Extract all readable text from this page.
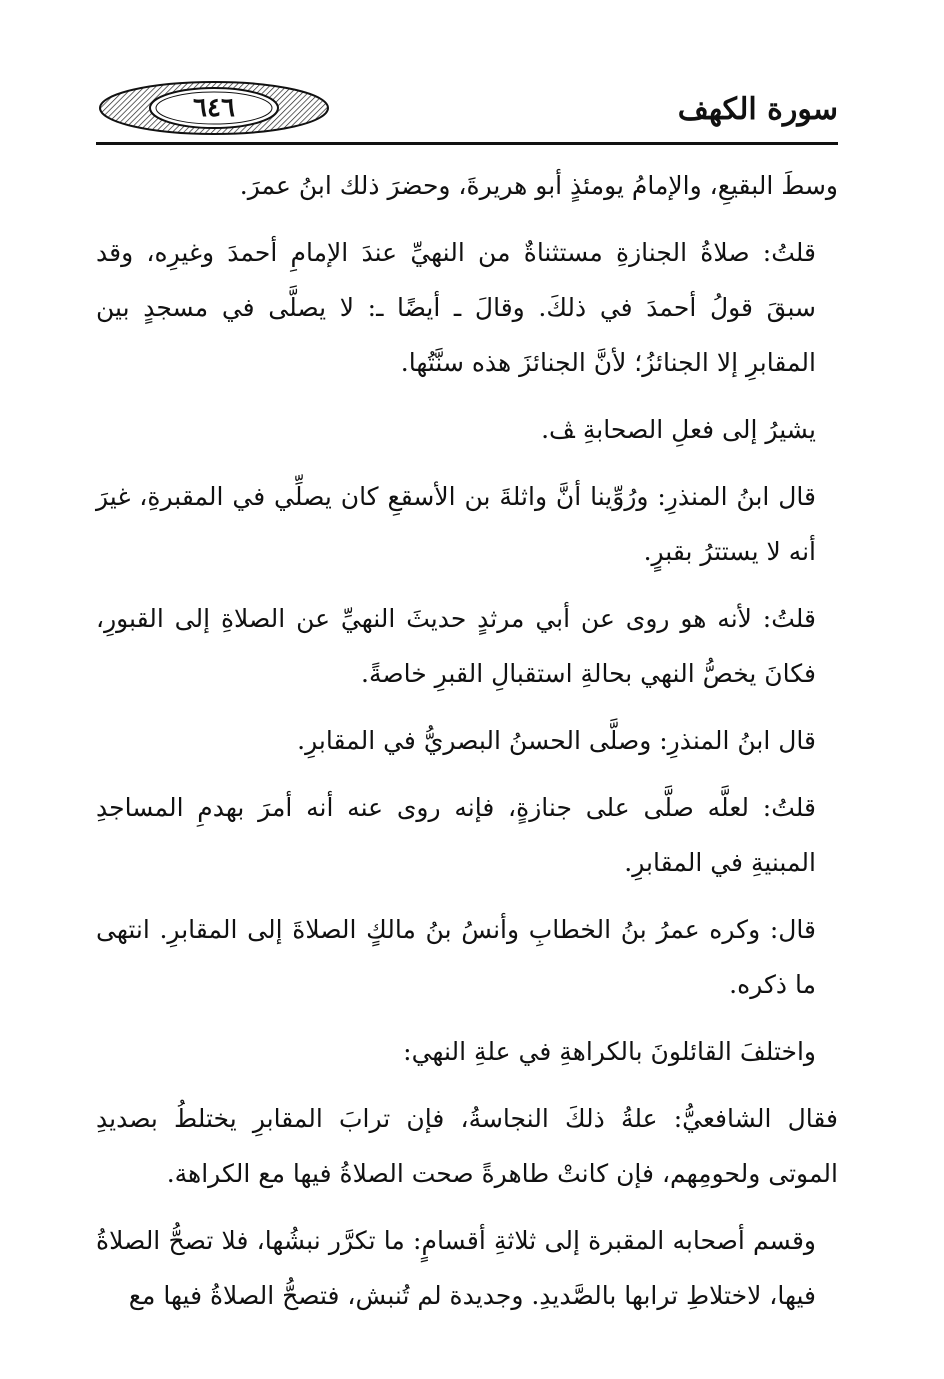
٦٤٦	سورة الكهف

وسطَ البقيعِ، والإمامُ يومئذٍ أبو هريرةَ، وحضرَ ذلك ابنُ عمرَ.

قلتُ: صلاةُ الجنازةِ مستثناةٌ من النهيِّ عندَ الإمامِ أحمدَ وغيرِه، وقد سبقَ قولُ أحمدَ في ذلكَ. وقالَ ـ أيضًا ـ: لا يصلَّى في مسجدٍ بين المقابرِ إلا الجنائزُ؛ لأنَّ الجنائزَ هذه سنَّتُها.

يشيرُ إلى فعلِ الصحابةِ ﭫ.

قال ابنُ المنذرِ: ورُوِّينا أنَّ واثلةَ بن الأسقعِ كان يصلِّي في المقبرةِ، غيرَ أنه لا يستترُ بقبرٍ.

قلتُ: لأنه هو روى عن أبي مرثدٍ حديثَ النهيِّ عن الصلاةِ إلى القبورِ، فكانَ يخصُّ النهي بحالةِ استقبالِ القبرِ خاصةً.

قال ابنُ المنذرِ: وصلَّى الحسنُ البصريُّ في المقابرِ.

قلتُ: لعلَّه صلَّى على جنازةٍ، فإنه روى عنه أنه أمرَ بهدمِ المساجدِ المبنيةِ في المقابرِ.

قال: وكره عمرُ بنُ الخطابِ وأنسُ بنُ مالكٍ الصلاةَ إلى المقابرِ. انتهى ما ذكره.

واختلفَ القائلونَ بالكراهةِ في علةِ النهي:

فقال الشافعيُّ: علةُ ذلكَ النجاسةُ، فإن ترابَ المقابرِ يختلطُ بصديدِ الموتى ولحومِهم، فإن كانتْ طاهرةً صحت الصلاةُ فيها مع الكراهة.

وقسم أصحابه المقبرة إلى ثلاثةِ أقسامٍ: ما تكرَّر نبشُها، فلا تصحُّ الصلاةُ فيها، لاختلاطِ ترابها بالصَّديدِ. وجديدة لم تُنبش، فتصحُّ الصلاةُ فيها مع
